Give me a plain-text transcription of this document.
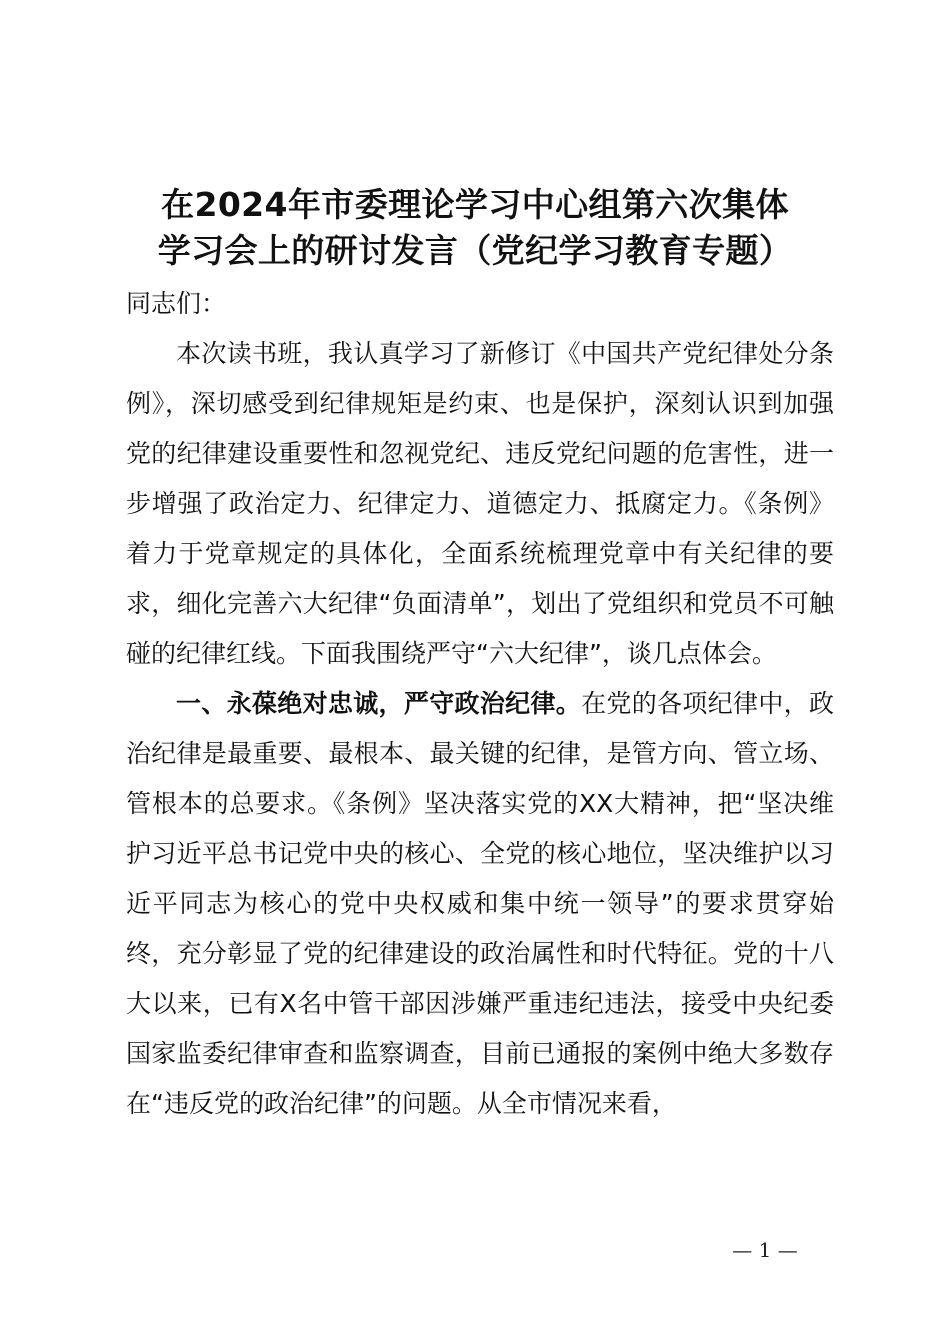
在2024年市委理论学习中心组第六次集体
学习会上的研讨发言（党纪学习教育专题）

同志们：

本次读书班，我认真学习了新修订《中国共产党纪律处分条例》，深切感受到纪律规矩是约束、也是保护，深刻认识到加强党的纪律建设重要性和忽视党纪、违反党纪问题的危害性，进一步增强了政治定力、纪律定力、道德定力、抵腐定力。《条例》着力于党章规定的具体化，全面系统梳理党章中有关纪律的要求，细化完善六大纪律“负面清单”，划出了党组织和党员不可触碰的纪律红线。下面我围绕严守“六大纪律”，谈几点体会。

一、永葆绝对忠诚，严守政治纪律。在党的各项纪律中，政治纪律是最重要、最根本、最关键的纪律，是管方向、管立场、管根本的总要求。《条例》坚决落实党的XX大精神，把“坚决维护习近平总书记党中央的核心、全党的核心地位，坚决维护以习近平同志为核心的党中央权威和集中统一领导”的要求贯穿始终，充分彰显了党的纪律建设的政治属性和时代特征。党的十八大以来，已有X名中管干部因涉嫌严重违纪违法，接受中央纪委国家监委纪律审查和监察调查，目前已通报的案例中绝大多数存在“违反党的政治纪律”的问题。从全市情况来看，

— 1 —
